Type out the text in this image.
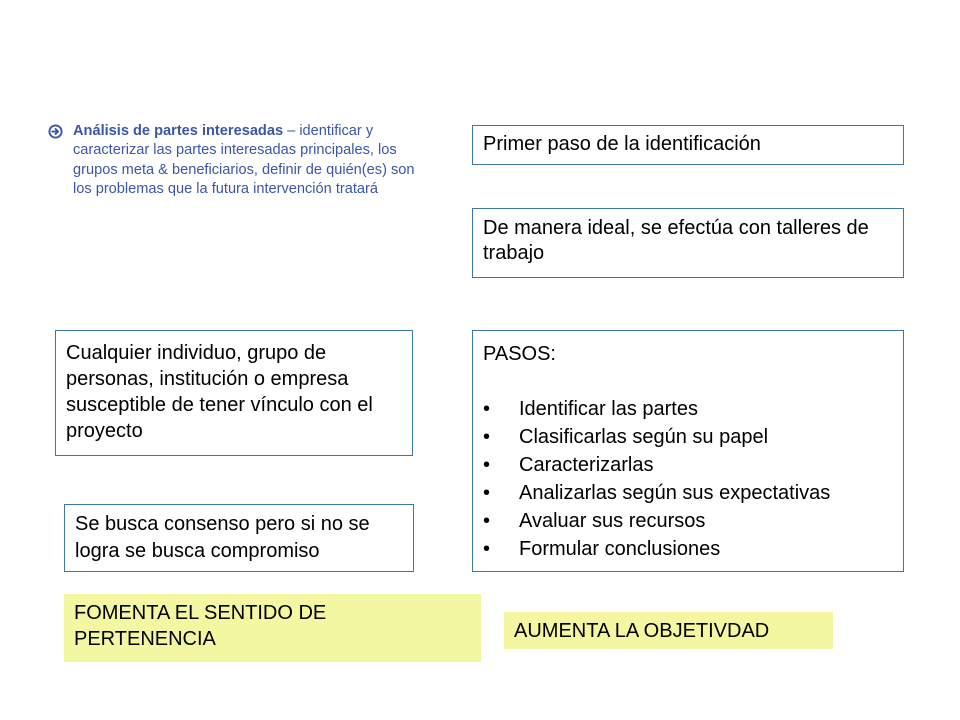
Análisis de partes interesadas – identificar y caracterizar las partes interesadas principales, los grupos meta & beneficiarios, definir de quién(es) son los problemas que la futura intervención tratará
Primer paso de la identificación
De manera ideal, se efectúa con talleres de trabajo
Cualquier individuo, grupo de personas, institución o empresa susceptible de tener vínculo con el proyecto
PASOS:
• Identificar las partes
• Clasificarlas según su papel
• Caracterizarlas
• Analizarlas según sus expectativas
• Avaluar sus recursos
• Formular conclusiones
Se busca consenso pero si no se logra se busca compromiso
FOMENTA EL SENTIDO DE PERTENENCIA	AUMENTA LA OBJETIVDAD
